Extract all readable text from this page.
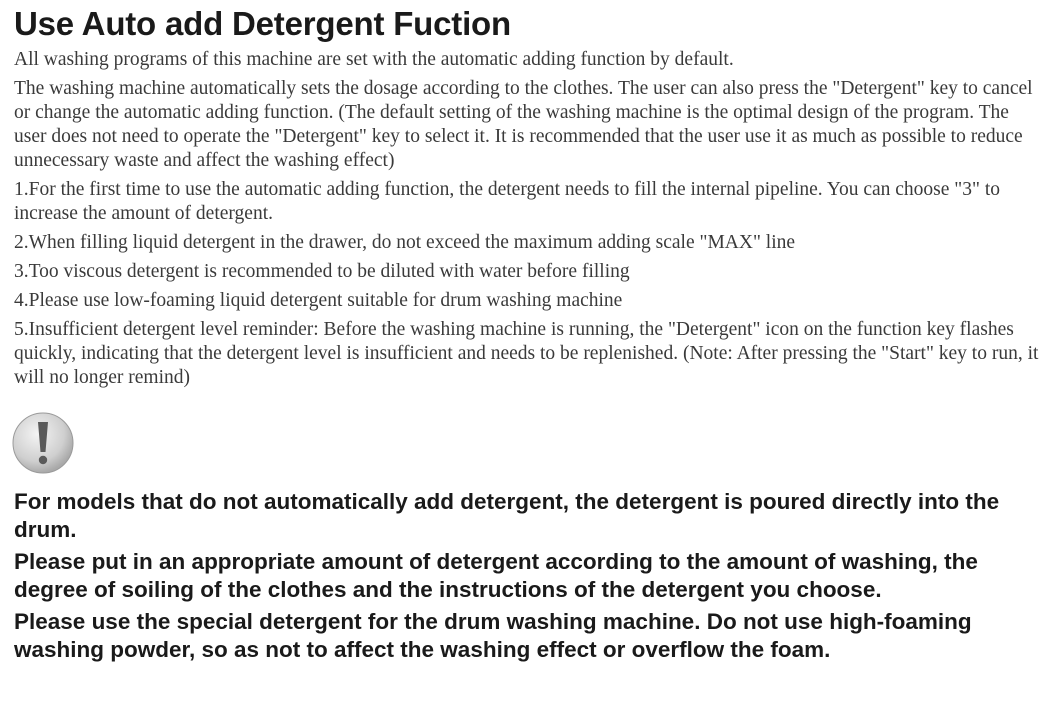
Use Auto add Detergent Fuction

All washing programs of this machine are set with the automatic adding function by default.

The washing machine automatically sets the dosage according to the clothes. The user can also press the "Detergent" key to cancel or change the automatic adding function. (The default setting of the washing machine is the optimal design of the program. The user does not need to operate the "Detergent" key to select it. It is recommended that the user use it as much as possible to reduce unnecessary waste and affect the washing effect)

1.For the first time to use the automatic adding function, the detergent needs to fill the internal pipeline. You can choose "3" to increase the amount of detergent.

2.When filling liquid detergent in the drawer, do not exceed the maximum adding scale "MAX" line

3.Too viscous detergent is recommended to be diluted with water before filling

4.Please use low-foaming liquid detergent suitable for drum washing machine

5.Insufficient detergent level reminder: Before the washing machine is running, the "Detergent" icon on the function key flashes quickly, indicating that the detergent level is insufficient and needs to be replenished. (Note: After pressing the "Start" key to run, it will no longer remind)

For models that do not automatically add detergent, the detergent is poured directly into the drum.

Please put in an appropriate amount of detergent according to the amount of washing, the degree of soiling of the clothes and the instructions of the detergent you choose.

Please use the special detergent for the drum washing machine. Do not use high-foaming washing powder, so as not to affect the washing effect or overflow the foam.
